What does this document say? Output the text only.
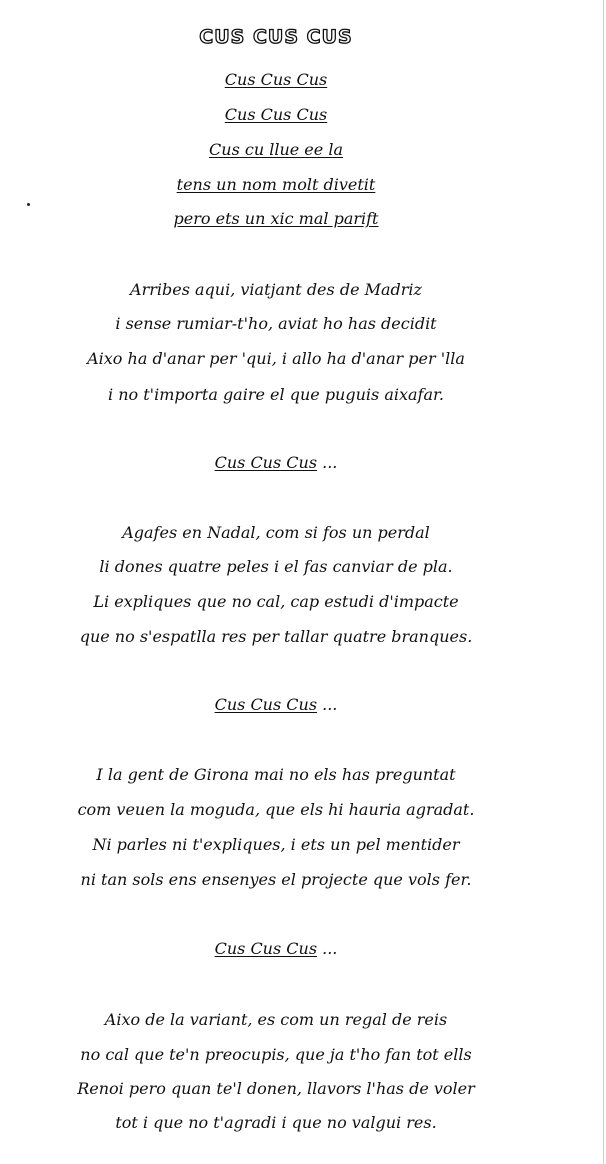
CUS CUS CUS
Cus Cus Cus
Cus Cus Cus
Cus cu llue ee la
tens un nom molt divetit
pero ets un xic mal parift
Arribes aqui, viatjant des de Madriz
i sense rumiar-t'ho, aviat ho has decidit
Aixo ha d'anar per 'qui, i allo ha d'anar per 'lla
i no t'importa gaire el que puguis aixafar.
Cus Cus Cus ...
Agafes en Nadal, com si fos un perdal
li dones quatre peles i el fas canviar de pla.
Li expliques que no cal, cap estudi d'impacte
que no s'espatlla res per tallar quatre branques.
Cus Cus Cus ...
I la gent de Girona mai no els has preguntat
com veuen la moguda, que els hi hauria agradat.
Ni parles ni t'expliques, i ets un pel mentider
ni tan sols ens ensenyes el projecte que vols fer.
Cus Cus Cus ...
Aixo de la variant, es com un regal de reis
no cal que te'n preocupis, que ja t'ho fan tot ells
Renoi pero quan te'l donen, llavors l'has de voler
tot i que no t'agradi i que no valgui res.
